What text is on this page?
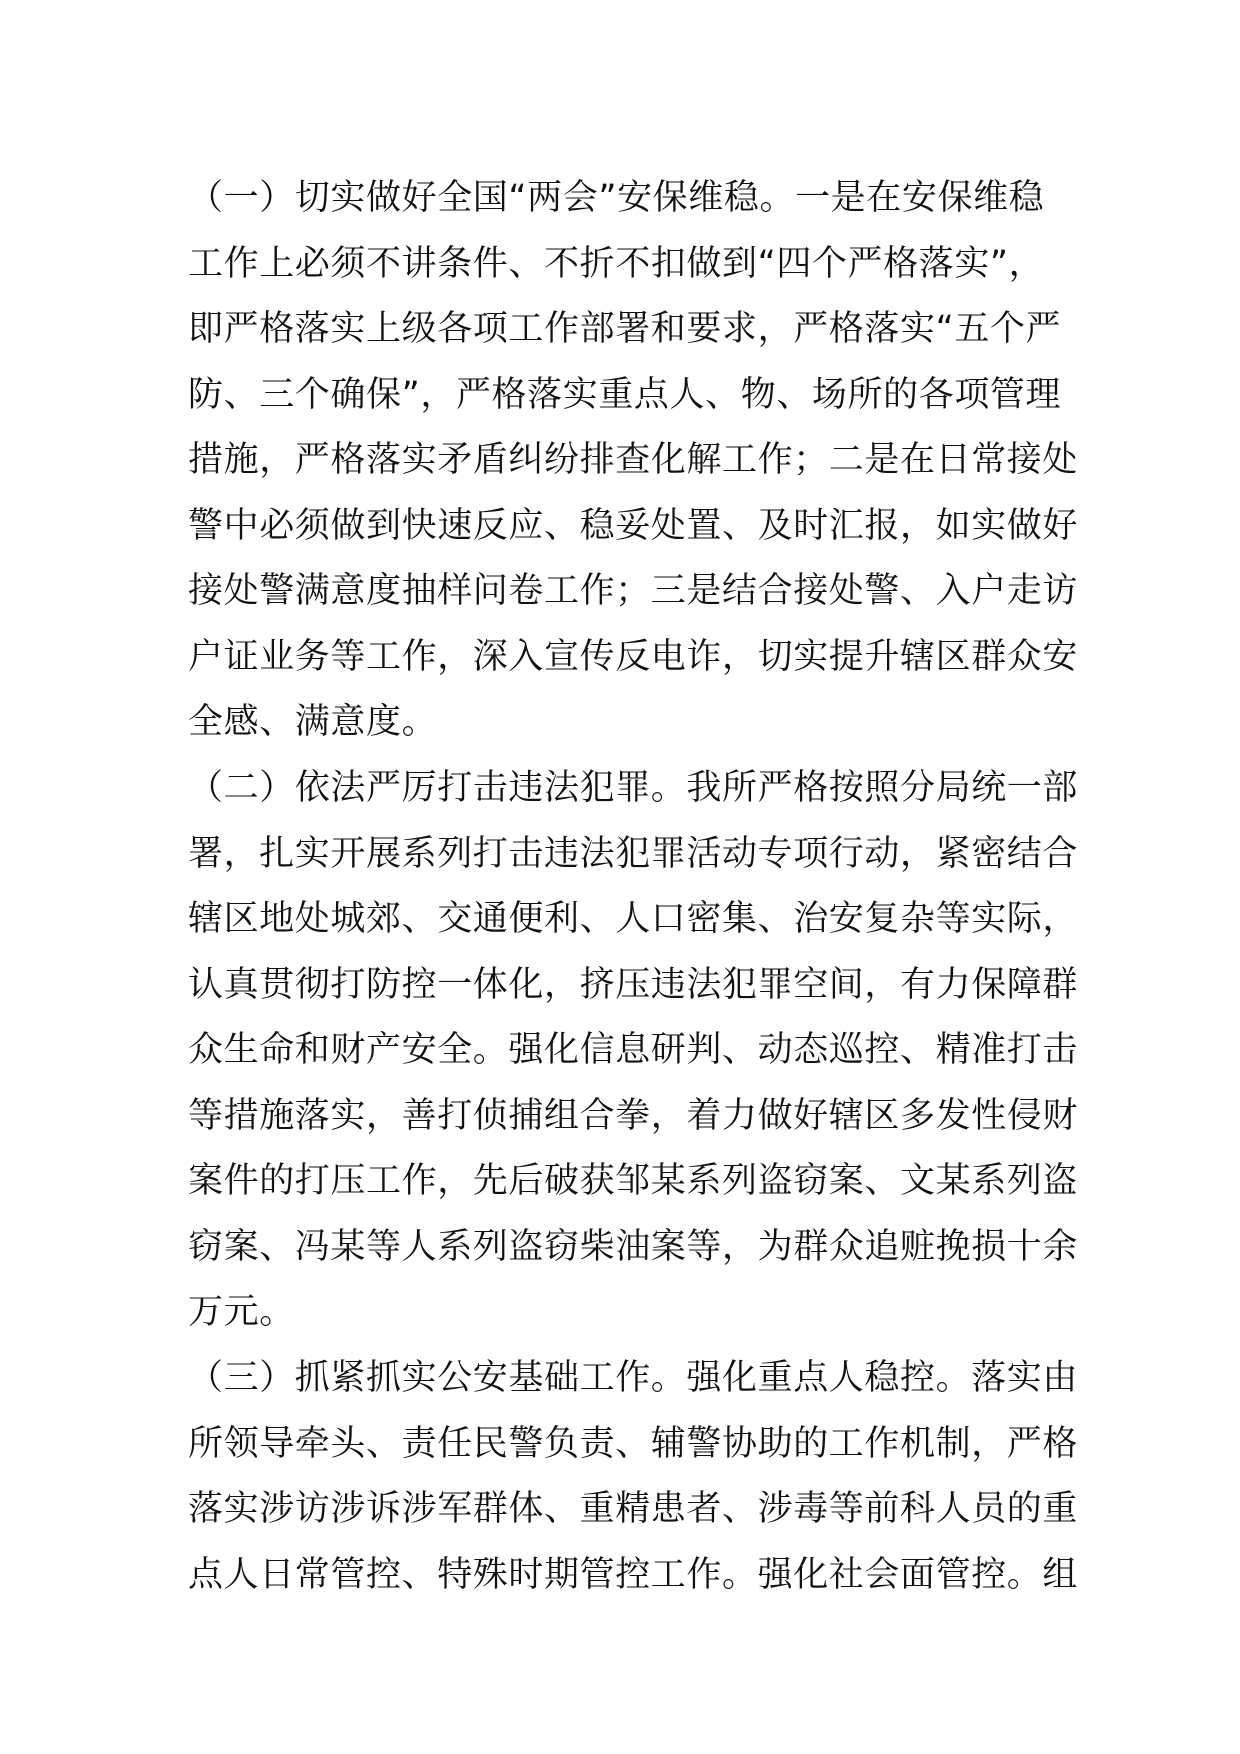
（一）切实做好全国“两会”安保维稳。一是在安保维稳
工作上必须不讲条件、不折不扣做到“四个严格落实”，
即严格落实上级各项工作部署和要求，严格落实“五个严
防、三个确保”，严格落实重点人、物、场所的各项管理
措施，严格落实矛盾纠纷排查化解工作；二是在日常接处
警中必须做到快速反应、稳妥处置、及时汇报，如实做好
接处警满意度抽样问卷工作；三是结合接处警、入户走访
户证业务等工作，深入宣传反电诈，切实提升辖区群众安
全感、满意度。
（二）依法严厉打击违法犯罪。我所严格按照分局统一部
署，扎实开展系列打击违法犯罪活动专项行动，紧密结合
辖区地处城郊、交通便利、人口密集、治安复杂等实际，
认真贯彻打防控一体化，挤压违法犯罪空间，有力保障群
众生命和财产安全。强化信息研判、动态巡控、精准打击
等措施落实，善打侦捕组合拳，着力做好辖区多发性侵财
案件的打压工作，先后破获邹某系列盗窃案、文某系列盗
窃案、冯某等人系列盗窃柴油案等，为群众追赃挽损十余
万元。
（三）抓紧抓实公安基础工作。强化重点人稳控。落实由
所领导牵头、责任民警负责、辅警协助的工作机制，严格
落实涉访涉诉涉军群体、重精患者、涉毒等前科人员的重
点人日常管控、特殊时期管控工作。强化社会面管控。组
